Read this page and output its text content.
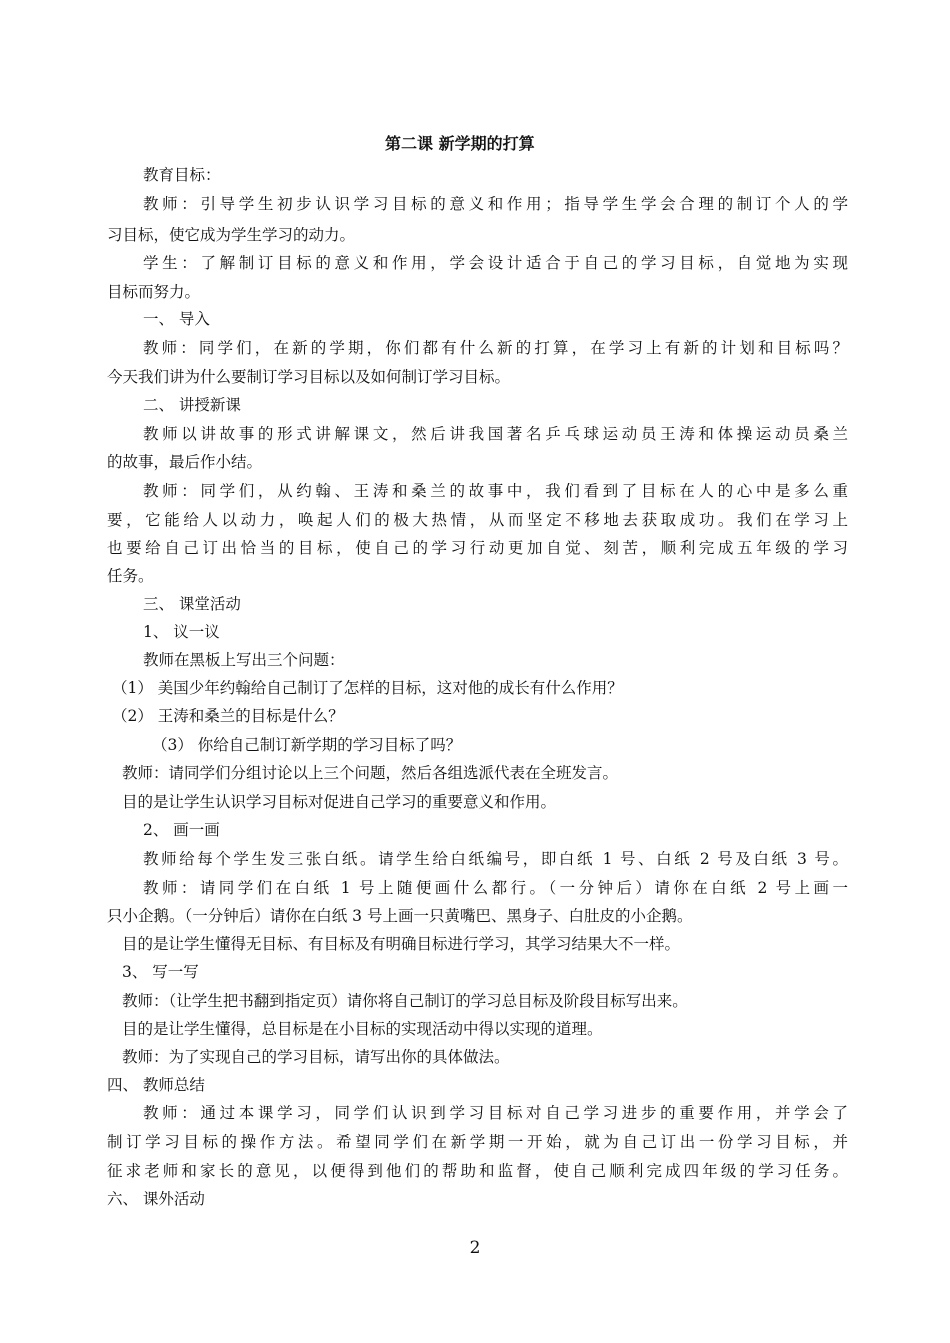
第二课 新学期的打算
教育目标：
教师：引导学生初步认识学习目标的意义和作用；指导学生学会合理的制订个人的学
习目标，使它成为学生学习的动力。
学生：了解制订目标的意义和作用，学会设计适合于自己的学习目标，自觉地为实现
目标而努力。
一、 导入
教师：同学们，在新的学期，你们都有什么新的打算，在学习上有新的计划和目标吗？
今天我们讲为什么要制订学习目标以及如何制订学习目标。
二、 讲授新课
教师以讲故事的形式讲解课文，然后讲我国著名乒乓球运动员王涛和体操运动员桑兰
的故事，最后作小结。
教师：同学们，从约翰、王涛和桑兰的故事中，我们看到了目标在人的心中是多么重
要，它能给人以动力，唤起人们的极大热情，从而坚定不移地去获取成功。我们在学习上
也要给自己订出恰当的目标，使自己的学习行动更加自觉、刻苦，顺利完成五年级的学习
任务。
三、 课堂活动
1、 议一议
教师在黑板上写出三个问题：
（1） 美国少年约翰给自己制订了怎样的目标，这对他的成长有什么作用？
（2） 王涛和桑兰的目标是什么？
（3） 你给自己制订新学期的学习目标了吗？
教师：请同学们分组讨论以上三个问题，然后各组选派代表在全班发言。
目的是让学生认识学习目标对促进自己学习的重要意义和作用。
2、 画一画
教师给每个学生发三张白纸。请学生给白纸编号，即白纸 1 号、白纸 2 号及白纸 3 号。
教师：请同学们在白纸 1 号上随便画什么都行。（一分钟后）请你在白纸 2 号上画一
只小企鹅。（一分钟后）请你在白纸 3 号上画一只黄嘴巴、黑身子、白肚皮的小企鹅。
目的是让学生懂得无目标、有目标及有明确目标进行学习，其学习结果大不一样。
3、 写一写
教师：（让学生把书翻到指定页）请你将自己制订的学习总目标及阶段目标写出来。
目的是让学生懂得，总目标是在小目标的实现活动中得以实现的道理。
教师：为了实现自己的学习目标，请写出你的具体做法。
四、 教师总结
教师：通过本课学习，同学们认识到学习目标对自己学习进步的重要作用，并学会了
制订学习目标的操作方法。希望同学们在新学期一开始，就为自己订出一份学习目标，并
征求老师和家长的意见，以便得到他们的帮助和监督，使自己顺利完成四年级的学习任务。
六、 课外活动
2
